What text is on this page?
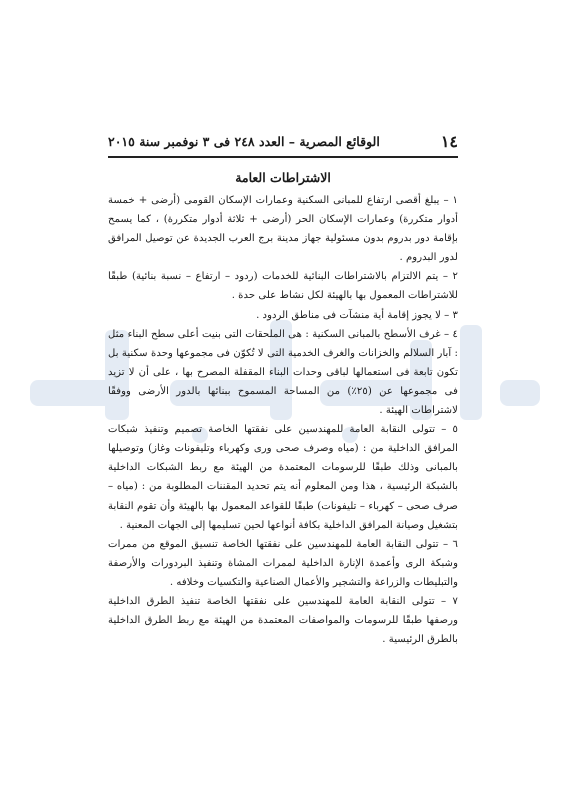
١٤
الوقائع المصرية – العدد ٢٤٨ فى ٣ نوفمبر سنة ٢٠١٥
الاشتراطات العامة

١ – يبلغ أقصى ارتفاع للمبانى السكنية وعمارات الإسكان القومى (أرضى + خمسة أدوار متكررة) وعمارات الإسكان الحر (أرضى + ثلاثة أدوار متكررة) ، كما يسمح بإقامة دور بدروم بدون مسئولية جهاز مدينة برج العرب الجديدة عن توصيل المرافق لدور البدروم .

٢ – يتم الالتزام بالاشتراطات البنائية للخدمات (ردود – ارتفاع – نسبة بنائية) طبقًا للاشتراطات المعمول بها بالهيئة لكل نشاط على حدة .

٣ – لا يجوز إقامة أية منشآت فى مناطق الردود .

٤ – غرف الأسطح بالمبانى السكنية : هى الملحقات التى بنيت أعلى سطح البناء مثل : آبار السلالم والخزانات والغرف الخدمية التى لا تُكوّن فى مجموعها وحدة سكنية بل تكون تابعة فى استعمالها لباقى وحدات البناء المقفلة المصرح بها ، على أن لا تزيد فى مجموعها عن (٢٥٪) من المساحة المسموح ببنائها بالدور الأرضى ووفقًا لاشتراطات الهيئة .

٥ – تتولى النقابة العامة للمهندسين على نفقتها الخاصة تصميم وتنفيذ شبكات المرافق الداخلية من : (مياه وصرف صحى ورى وكهرباء وتليفونات وغاز) وتوصيلها بالمبانى وذلك طبقًا للرسومات المعتمدة من الهيئة مع ربط الشبكات الداخلية بالشبكة الرئيسية ، هذا ومن المعلوم أنه يتم تحديد المقننات المطلوبة من : (مياه – صرف صحى – كهرباء – تليفونات) طبقًا للقواعد المعمول بها بالهيئة وأن تقوم النقابة بتشغيل وصيانة المرافق الداخلية بكافة أنواعها لحين تسليمها إلى الجهات المعنية .

٦ – تتولى النقابة العامة للمهندسين على نفقتها الخاصة تنسيق الموقع من ممرات وشبكة الرى وأعمدة الإنارة الداخلية لممرات المشاة وتنفيذ البردورات والأرصفة والتبليطات والزراعة والتشجير والأعمال الصناعية والتكسيات وخلافه .

٧ – تتولى النقابة العامة للمهندسين على نفقتها الخاصة تنفيذ الطرق الداخلية ورصفها طبقًا للرسومات والمواصفات المعتمدة من الهيئة مع ربط الطرق الداخلية بالطرق الرئيسية .
